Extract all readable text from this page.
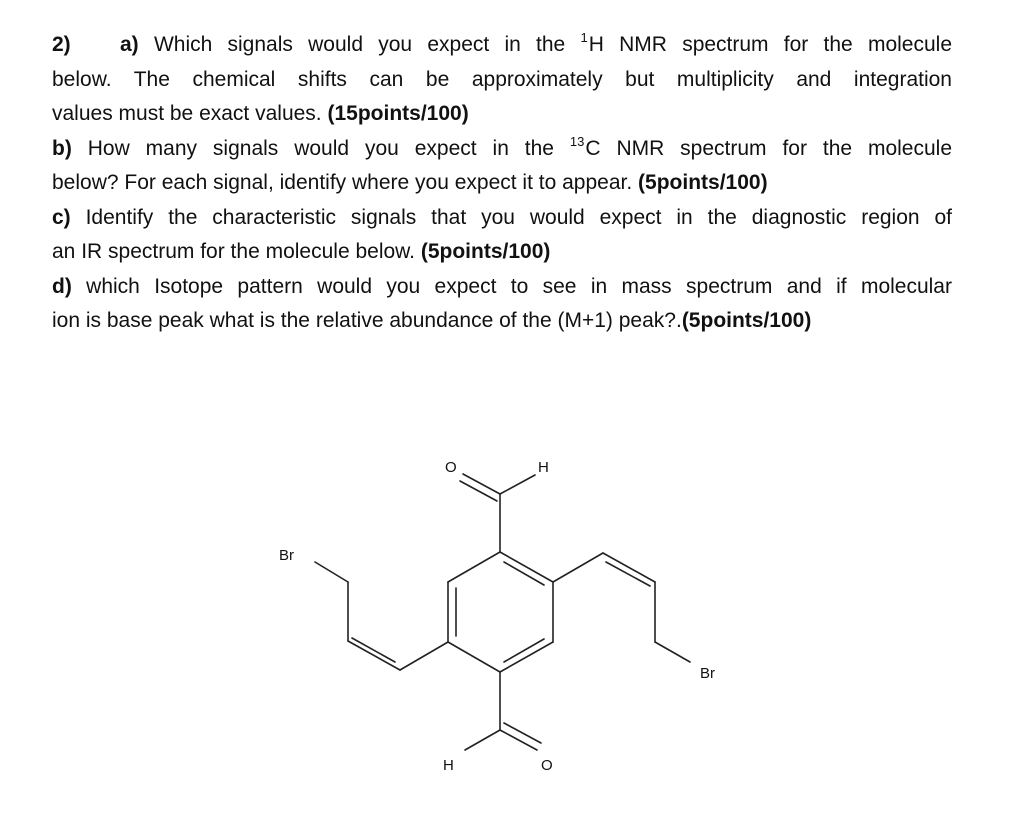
2) a) Which signals would you expect in the $^1$H NMR spectrum for the molecule
below. The chemical shifts can be approximately but multiplicity and integration
values must be exact values. (15points/100)
b) How many signals would you expect in the $^{13}$C NMR spectrum for the molecule
below? For each signal, identify where you expect it to appear. (5points/100)
c) Identify the characteristic signals that you would expect in the diagnostic region of
an IR spectrum for the molecule below. (5points/100)
d) which Isotope pattern would you expect to see in mass spectrum and if molecular
ion is base peak what is the relative abundance of the (M+1) peak?.(5points/100)
O	H
H	O
Br
Br
